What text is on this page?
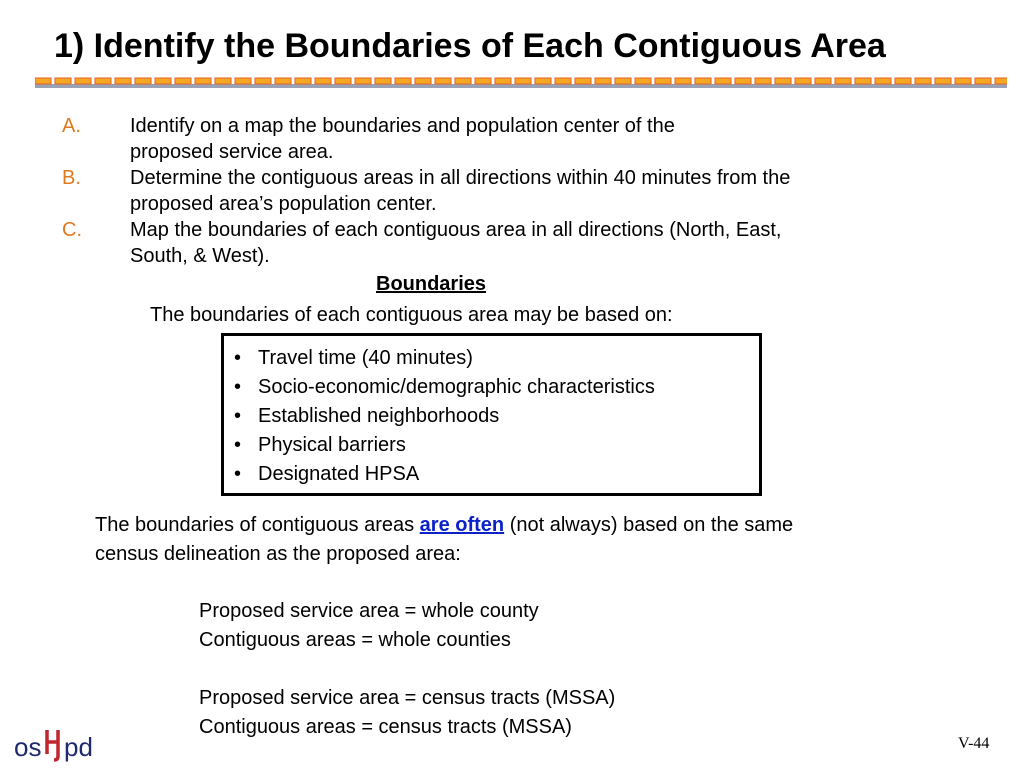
1) Identify the Boundaries of Each Contiguous Area
A. Identify on a map the boundaries and population center of the
proposed service area.
B. Determine the contiguous areas in all directions within 40 minutes from the
proposed area’s population center.
C. Map the boundaries of each contiguous area in all directions (North, East,
South, & West).
Boundaries
The boundaries of each contiguous area may be based on:
• Travel time (40 minutes)
• Socio-economic/demographic characteristics
• Established neighborhoods
• Physical barriers
• Designated HPSA
The boundaries of contiguous areas are often (not always) based on the same
census delineation as the proposed area:
Proposed service area = whole county
Contiguous areas = whole counties
Proposed service area = census tracts (MSSA)
Contiguous areas = census tracts (MSSA)
os pd	V-44
